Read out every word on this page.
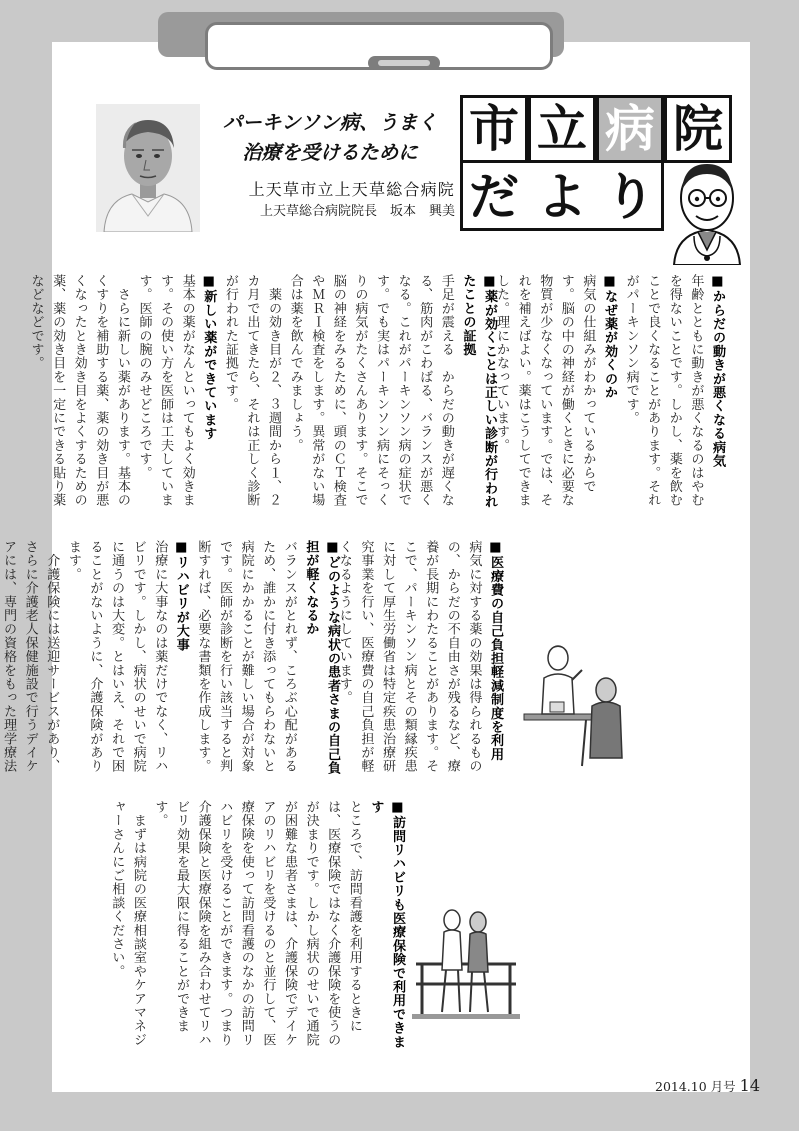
パーキンソン病、うまく
治療を受けるために
上天草市立上天草総合病院
上天草総合病院院長　坂本　興美
市 立 病 院
だ よ り
■からだの動きが悪くなる病気
年齢とともに動きが悪くなるのはやむを得ないことです。しかし、薬を飲むことで良くなることがあります。それがパーキンソン病です。
■なぜ薬が効くのか
病気の仕組みがわかっているからです。脳の中の神経が働くときに必要な物質が少なくなっています。では、それを補えばよい。薬はこうしてできました。理にかなっています。
■薬が効くことは正しい診断が行われたことの証拠
手足が震える　からだの動きが遅くなる、筋肉がこわばる、バランスが悪くなる。これがパーキンソン病の症状です。でも実はパーキンソン病にそっくりの病気がたくさんあります。そこで脳の神経をみるために、頭のＣＴ検査やＭＲＩ検査をします。異常がない場合は薬を飲んでみましょう。
　薬の効き目が２、３週間から１、２カ月で出てきたら、それは正しく診断が行われた証拠です。
■新しい薬ができています
基本の薬がなんといってもよく効きます。その使い方を医師は工夫しています。医師の腕のみせどころです。
　さらに新しい薬があります。基本のくすりを補助する薬、薬の効き目が悪くなったとき効き目をよくするための薬、薬の効き目を一定にできる貼り薬などなどです。
■医療費の自己負担軽減制度を利用
病気に対する薬の効果は得られるものの、からだの不自由さが残るなど、療養が長期にわたることがあります。そこで、パーキンソン病とその類縁疾患に対して厚生労働省は特定疾患治療研究事業を行い、医療費の自己負担が軽くなるようにしています。
■どのような病状の患者さまの自己負担が軽くなるか
バランスがとれず、ころぶ心配があるため、誰かに付き添ってもらわないと病院にかかることが難しい場合が対象です。医師が診断を行い該当すると判断すれば、必要な書類を作成します。
■リハビリが大事
治療に大事なのは薬だけでなく、リハビリです。しかし、病状のせいで病院に通うのは大変。とはいえ、それで困ることがないように、介護保険があります。
　介護保険には送迎サービスがあり、さらに介護老人保健施設で行うデイケアには、専門の資格をもった理学療法
■訪問リハビリも医療保険で利用できます
ところで、訪問看護を利用するときには、医療保険ではなく介護保険を使うのが決まりです。しかし病状のせいで通院が困難な患者さまは、介護保険でデイケアのリハビリを受けるのと並行して、医療保険を使って訪問看護のなかの訪問リハビリを受けることができます。つまり介護保険と医療保険を組み合わせてリハビリ効果を最大限に得ることができます。
　まずは病院の医療相談室やケアマネジャーさんにご相談ください。
2014.10 月号 14
